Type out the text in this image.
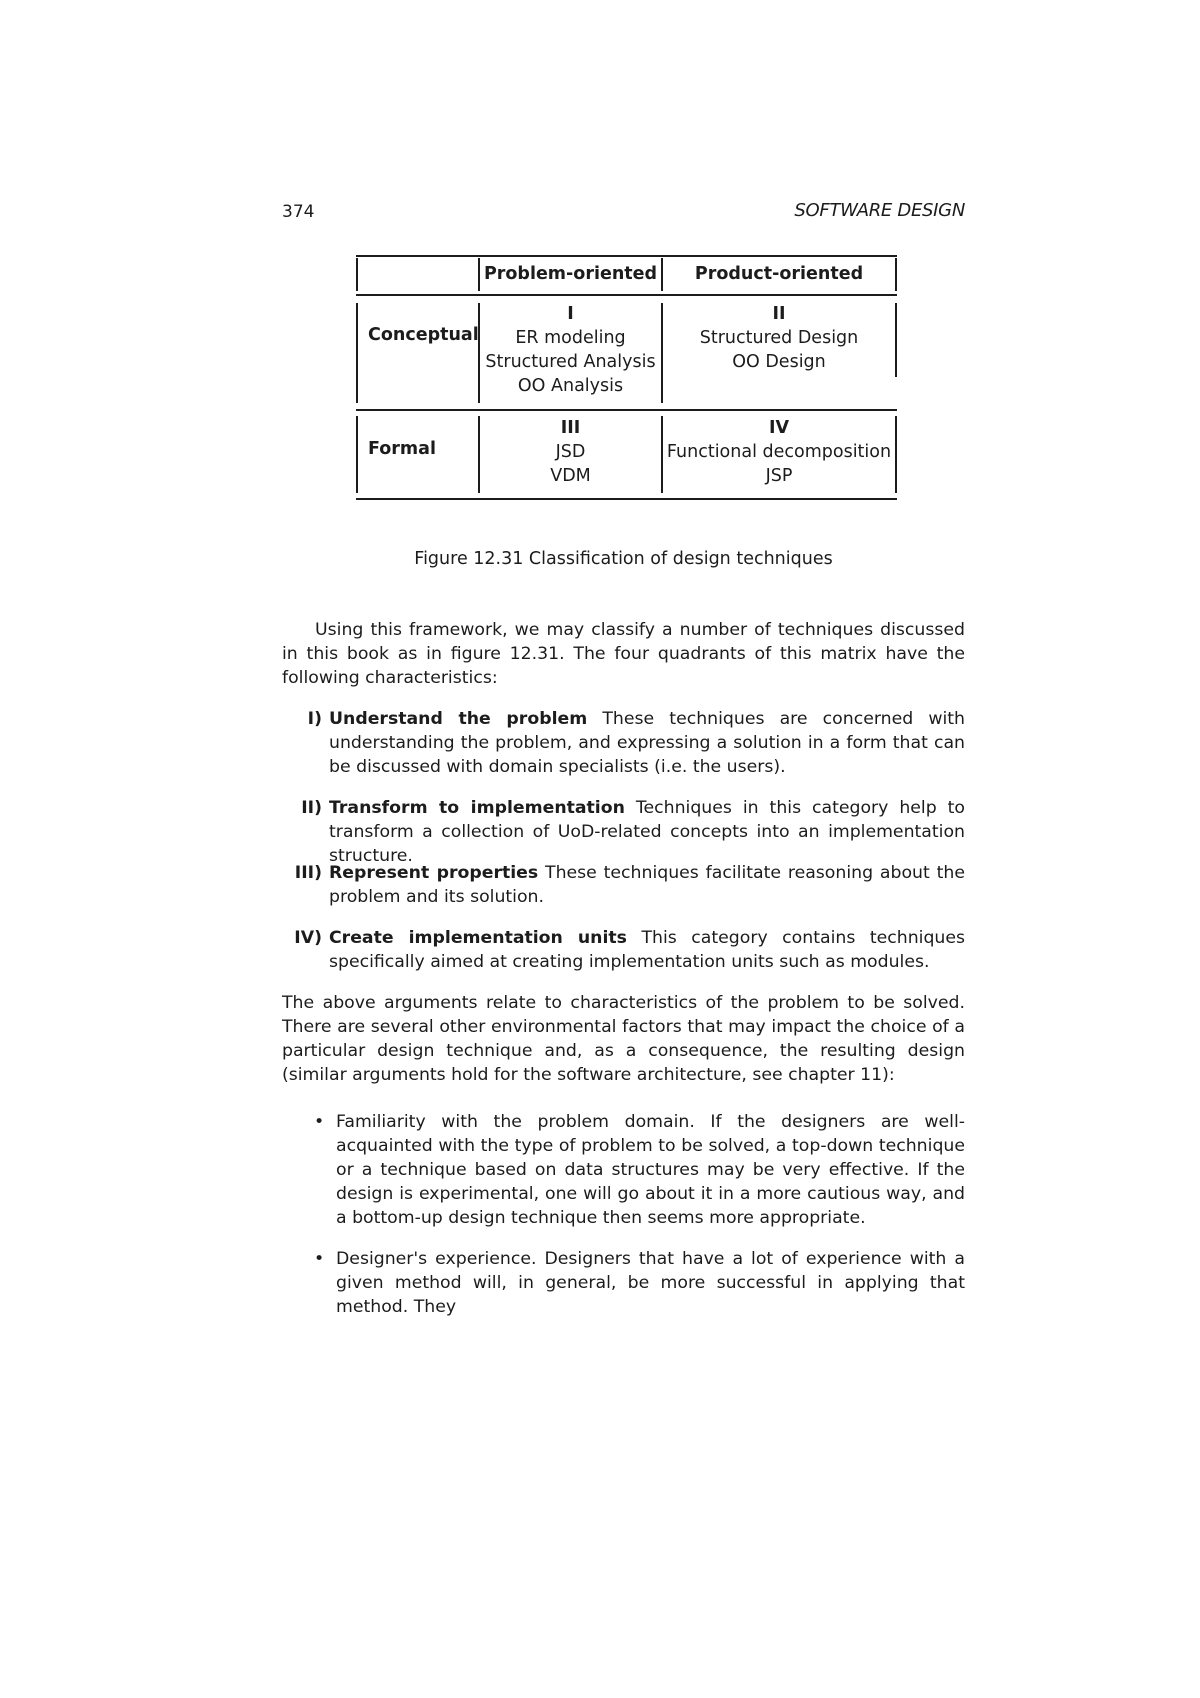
374	SOFTWARE DESIGN
Problem-oriented	Product-oriented
Conceptual
I
ER modeling
Structured Analysis
OO Analysis
II
Structured Design
OO Design
Formal
III
JSD
VDM
IV
Functional decomposition
JSP
Figure 12.31 Classification of design techniques

Using this framework, we may classify a number of techniques discussed in this book as in figure 12.31. The four quadrants of this matrix have the following characteristics:

I) Understand the problem These techniques are concerned with understanding the problem, and expressing a solution in a form that can be discussed with domain specialists (i.e. the users).
II) Transform to implementation Techniques in this category help to transform a collection of UoD-related concepts into an implementation structure.
III) Represent properties These techniques facilitate reasoning about the problem and its solution.
IV) Create implementation units This category contains techniques specifically aimed at creating implementation units such as modules.

The above arguments relate to characteristics of the problem to be solved. There are several other environmental factors that may impact the choice of a particular design technique and, as a consequence, the resulting design (similar arguments hold for the software architecture, see chapter 11):

• Familiarity with the problem domain. If the designers are well-acquainted with the type of problem to be solved, a top-down technique or a technique based on data structures may be very effective. If the design is experimental, one will go about it in a more cautious way, and a bottom-up design technique then seems more appropriate.
• Designer's experience. Designers that have a lot of experience with a given method will, in general, be more successful in applying that method. They
